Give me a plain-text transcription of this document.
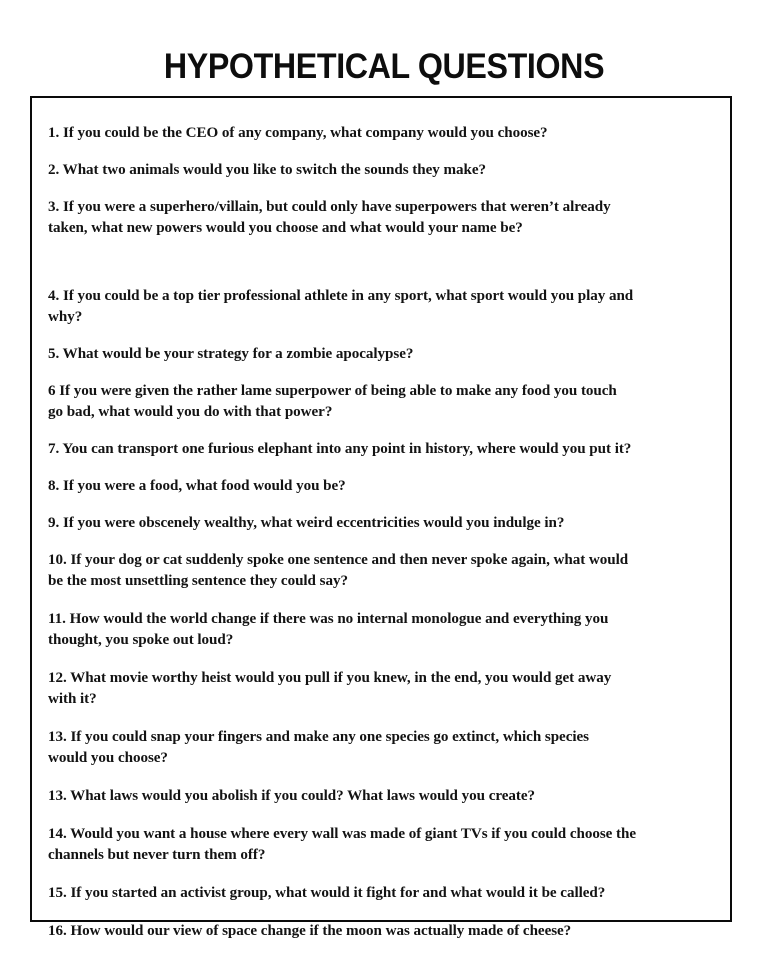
HYPOTHETICAL QUESTIONS
1. If you could be the CEO of any company, what company would you choose?
2. What two animals would you like to switch the sounds they make?
3. If you were a superhero/villain, but could only have superpowers that weren’t already
taken, what new powers would you choose and what would your name be?
4. If you could be a top tier professional athlete in any sport, what sport would you play and
why?
5. What would be your strategy for a zombie apocalypse?
6 If you were given the rather lame superpower of being able to make any food you touch
go bad, what would you do with that power?
7. You can transport one furious elephant into any point in history, where would you put it?
8. If you were a food, what food would you be?
9. If you were obscenely wealthy, what weird eccentricities would you indulge in?
10. If your dog or cat suddenly spoke one sentence and then never spoke again, what would
be the most unsettling sentence they could say?
11. How would the world change if there was no internal monologue and everything you
thought, you spoke out loud?
12. What movie worthy heist would you pull if you knew, in the end, you would get away
with it?
13. If you could snap your fingers and make any one species go extinct, which species
would you choose?
13. What laws would you abolish if you could? What laws would you create?
14. Would you want a house where every wall was made of giant TVs if you could choose the
channels but never turn them off?
15. If you started an activist group, what would it fight for and what would it be called?
16. How would our view of space change if the moon was actually made of cheese?
